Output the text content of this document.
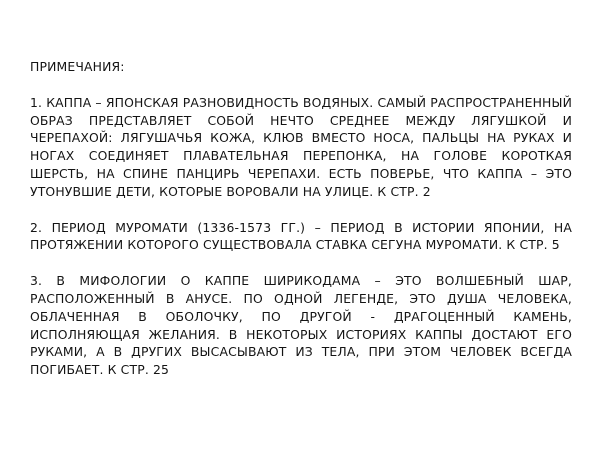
ПРИМЕЧАНИЯ:
1. КАППА – ЯПОНСКАЯ РАЗНОВИДНОСТЬ ВОДЯНЫХ. САМЫЙ РАСПРОСТРАНЕННЫЙ ОБРАЗ ПРЕДСТАВЛЯЕТ СОБОЙ НЕЧТО СРЕДНЕЕ МЕЖДУ ЛЯГУШКОЙ И ЧЕРЕПАХОЙ: ЛЯГУШАЧЬЯ КОЖА, КЛЮВ ВМЕСТО НОСА, ПАЛЬЦЫ НА РУКАХ И НОГАХ СОЕДИНЯЕТ ПЛАВАТЕЛЬНАЯ ПЕРЕПОНКА, НА ГОЛОВЕ КОРОТКАЯ ШЕРСТЬ, НА СПИНЕ ПАНЦИРЬ ЧЕРЕПАХИ. ЕСТЬ ПОВЕРЬЕ, ЧТО КАППА – ЭТО УТОНУВШИЕ ДЕТИ, КОТОРЫЕ ВОРОВАЛИ НА УЛИЦЕ. К СТР. 2
2. ПЕРИОД МУРОМАТИ (1336-1573 ГГ.) – ПЕРИОД В ИСТОРИИ ЯПОНИИ, НА ПРОТЯЖЕНИИ КОТОРОГО СУЩЕСТВОВАЛА СТАВКА СЕГУНА МУРОМАТИ. К СТР. 5
3. В МИФОЛОГИИ О КАППЕ ШИРИКОДАМА – ЭТО ВОЛШЕБНЫЙ ШАР, РАСПОЛОЖЕННЫЙ В АНУСЕ. ПО ОДНОЙ ЛЕГЕНДЕ, ЭТО ДУША ЧЕЛОВЕКА, ОБЛАЧЕННАЯ В ОБОЛОЧКУ, ПО ДРУГОЙ - ДРАГОЦЕННЫЙ КАМЕНЬ, ИСПОЛНЯЮЩАЯ ЖЕЛАНИЯ. В НЕКОТОРЫХ ИСТОРИЯХ КАППЫ ДОСТАЮТ ЕГО РУКАМИ, А В ДРУГИХ ВЫСАСЫВАЮТ ИЗ ТЕЛА, ПРИ ЭТОМ ЧЕЛОВЕК ВСЕГДА ПОГИБАЕТ. К СТР. 25
